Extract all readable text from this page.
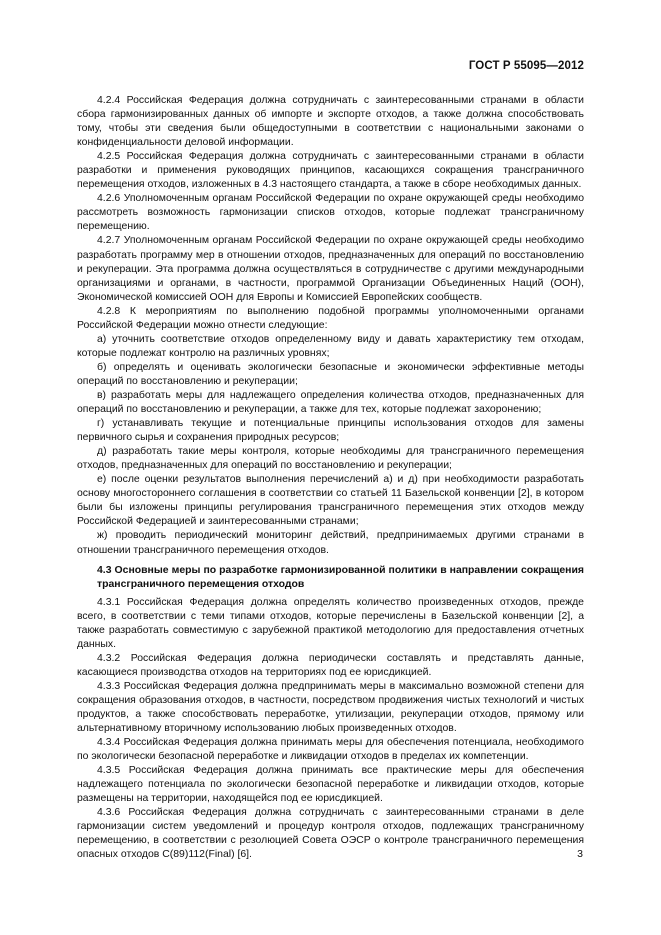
ГОСТ Р 55095—2012

4.2.4 Российская Федерация должна сотрудничать с заинтересованными странами в области сбора гармонизированных данных об импорте и экспорте отходов, а также должна способствовать тому, чтобы эти сведения были общедоступными в соответствии с национальными законами о конфиденциальности деловой информации.

4.2.5 Российская Федерация должна сотрудничать с заинтересованными странами в области разработки и применения руководящих принципов, касающихся сокращения трансграничного перемещения отходов, изложенных в 4.3 настоящего стандарта, а также в сборе необходимых данных.

4.2.6 Уполномоченным органам Российской Федерации по охране окружающей среды необходимо рассмотреть возможность гармонизации списков отходов, которые подлежат трансграничному перемещению.

4.2.7 Уполномоченным органам Российской Федерации по охране окружающей среды необходимо разработать программу мер в отношении отходов, предназначенных для операций по восстановлению и рекуперации. Эта программа должна осуществляться в сотрудничестве с другими международными организациями и органами, в частности, программой Организации Объединенных Наций (ООН), Экономической комиссией ООН для Европы и Комиссией Европейских сообществ.

4.2.8 К мероприятиям по выполнению подобной программы уполномоченными органами Российской Федерации можно отнести следующие:

а) уточнить соответствие отходов определенному виду и давать характеристику тем отходам, которые подлежат контролю на различных уровнях;

б) определять и оценивать экологически безопасные и экономически эффективные методы операций по восстановлению и рекуперации;

в) разработать меры для надлежащего определения количества отходов, предназначенных для операций по восстановлению и рекуперации, а также для тех, которые подлежат захоронению;

г) устанавливать текущие и потенциальные принципы использования отходов для замены первичного сырья и сохранения природных ресурсов;

д) разработать такие меры контроля, которые необходимы для трансграничного перемещения отходов, предназначенных для операций по восстановлению и рекуперации;

е) после оценки результатов выполнения перечислений а) и д) при необходимости разработать основу многостороннего соглашения в соответствии со статьей 11 Базельской конвенции [2], в котором были бы изложены принципы регулирования трансграничного перемещения этих отходов между Российской Федерацией и заинтересованными странами;

ж) проводить периодический мониторинг действий, предпринимаемых другими странами в отношении трансграничного перемещения отходов.

4.3 Основные меры по разработке гармонизированной политики в направлении сокращения трансграничного перемещения отходов

4.3.1 Российская Федерация должна определять количество произведенных отходов, прежде всего, в соответствии с теми типами отходов, которые перечислены в Базельской конвенции [2], а также разработать совместимую с зарубежной практикой методологию для предоставления отчетных данных.

4.3.2 Российская Федерация должна периодически составлять и представлять данные, касающиеся производства отходов на территориях под ее юрисдикцией.

4.3.3 Российская Федерация должна предпринимать меры в максимально возможной степени для сокращения образования отходов, в частности, посредством продвижения чистых технологий и чистых продуктов, а также способствовать переработке, утилизации, рекуперации отходов, прямому или альтернативному вторичному использованию любых произведенных отходов.

4.3.4 Российская Федерация должна принимать меры для обеспечения потенциала, необходимого по экологически безопасной переработке и ликвидации отходов в пределах их компетенции.

4.3.5 Российская Федерация должна принимать все практические меры для обеспечения надлежащего потенциала по экологически безопасной переработке и ликвидации отходов, которые размещены на территории, находящейся под ее юрисдикцией.

4.3.6 Российская Федерация должна сотрудничать с заинтересованными странами в деле гармонизации систем уведомлений и процедур контроля отходов, подлежащих трансграничному перемещению, в соответствии с резолюцией Совета ОЭСР о контроле трансграничного перемещения опасных отходов С(89)112(Final) [6].	3
